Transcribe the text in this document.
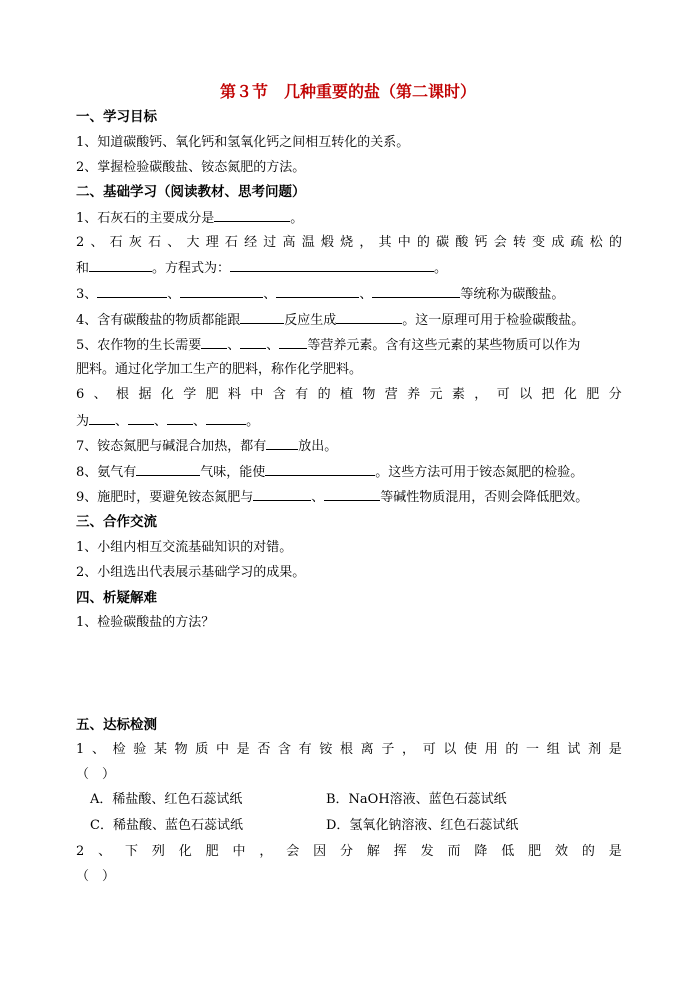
第３节　几种重要的盐（第二课时）
一、学习目标
1、知道碳酸钙、氧化钙和氢氧化钙之间相互转化的关系。
2、掌握检验碳酸盐、铵态氮肥的方法。
二、基础学习（阅读教材、思考问题）
1、石灰石的主要成分是	。
2 、 石 灰 石 、 大 理 石 经 过 高 温 煅 烧 ， 其 中 的 碳 酸 钙 会 转 变 成 疏 松 的
和	。方程式为：	。
3、	、	、	、	等统称为碳酸盐。
4、含有碳酸盐的物质都能跟	反应生成	。这一原理可用于检验碳酸盐。
5、农作物的生长需要 、 、 等营养元素。含有这些元素的某些物质可以作为
肥料。通过化学加工生产的肥料，称作化学肥料。
6 、 根 据 化 学 肥 料 中 含 有 的 植 物 营 养 元 素 ， 可 以 把 化 肥 分
为 、 、 、	。
7、铵态氮肥与碱混合加热，都有 放出。
8、氨气有	气味，能使	。这些方法可用于铵态氮肥的检验。
9、施肥时，要避免铵态氮肥与	、	等碱性物质混用，否则会降低肥效。
三、合作交流
1、小组内相互交流基础知识的对错。
2、小组选出代表展示基础学习的成果。
四、析疑解难
1、检验碳酸盐的方法？
五、达标检测
1 、 检 验 某 物 质 中 是 否 含 有 铵 根 离 子 ， 可 以 使 用 的 一 组 试 剂 是
（　）
A．稀盐酸、红色石蕊试纸	B．NaOH溶液、蓝色石蕊试纸
C．稀盐酸、蓝色石蕊试纸	D．氢氧化钠溶液、红色石蕊试纸
2 、 下 列 化 肥 中 ， 会 因 分 解 挥 发 而 降 低 肥 效 的 是
（　）
